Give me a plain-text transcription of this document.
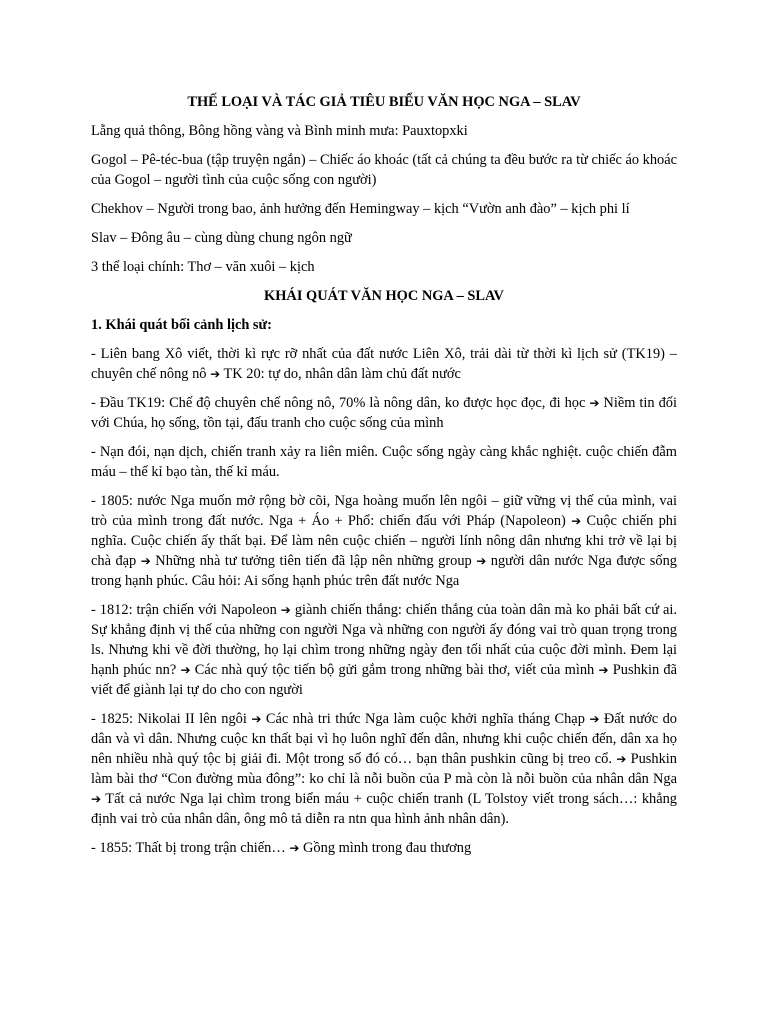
THẾ LOẠI VÀ TÁC GIẢ TIÊU BIỂU VĂN HỌC NGA – SLAV
Lẵng quả thông, Bông hồng vàng và Bình minh mưa: Pauxtopxki
Gogol – Pê-téc-bua (tập truyện ngắn) – Chiếc áo khoác (tất cả chúng ta đều bước ra từ chiếc áo khoác của Gogol – người tình của cuộc sống con người)
Chekhov – Người trong bao, ảnh hưởng đến Hemingway – kịch “Vườn anh đào” – kịch phi lí
Slav – Đông âu – cùng dùng chung ngôn ngữ
3 thể loại chính: Thơ – văn xuôi – kịch
KHÁI QUÁT VĂN HỌC NGA – SLAV
1. Khái quát bối cảnh lịch sử:
- Liên bang Xô viết, thời kì rực rỡ nhất của đất nước Liên Xô, trải dài từ thời kì lịch sử (TK19) – chuyên chế nông nô ➔ TK 20: tự do, nhân dân làm chủ đất nước
- Đầu TK19: Chế độ chuyên chế nông nô, 70% là nông dân, ko được học đọc, đi học ➔ Niềm tin đối với Chúa, họ sống, tồn tại, đấu tranh cho cuộc sống của mình
- Nạn đói, nạn dịch, chiến tranh xảy ra liên miên. Cuộc sống ngày càng khắc nghiệt. cuộc chiến đẫm máu – thế kỉ bạo tàn, thế kỉ máu.
- 1805: nước Nga muốn mở rộng bờ cõi, Nga hoàng muốn lên ngôi – giữ vững vị thế của mình, vai trò của mình trong đất nước. Nga + Áo + Phổ: chiến đấu với Pháp (Napoleon) ➔ Cuộc chiến phi nghĩa. Cuộc chiến ấy thất bại. Để làm nên cuộc chiến – người lính nông dân nhưng khi trở về lại bị chà đạp ➔ Những nhà tư tưởng tiên tiến đã lập nên những group ➔ người dân nước Nga được sống trong hạnh phúc. Câu hỏi: Ai sống hạnh phúc trên đất nước Nga
- 1812: trận chiến với Napoleon ➔ giành chiến thắng: chiến thắng của toàn dân mà ko phải bất cứ ai. Sự khẳng định vị thế của những con người Nga và những con người ấy đóng vai trò quan trọng trong ls. Nhưng khi về đời thường, họ lại chìm trong những ngày đen tối nhất của cuộc đời mình. Đem lại hạnh phúc nn? ➔ Các nhà quý tộc tiến bộ gửi gắm trong những bài thơ, viết của mình ➔ Pushkin đã viết để giành lại tự do cho con người
- 1825: Nikolai II lên ngôi ➔ Các nhà tri thức Nga làm cuộc khởi nghĩa tháng Chạp ➔ Đất nước do dân và vì dân. Nhưng cuộc kn thất bại vì họ luôn nghĩ đến dân, nhưng khi cuộc chiến đến, dân xa họ nên nhiều nhà quý tộc bị giải đi. Một trong số đó có… bạn thân pushkin cũng bị treo cổ. ➔ Pushkin làm bài thơ “Con đường mùa đông”: ko chỉ là nỗi buồn của P mà còn là nỗi buồn của nhân dân Nga ➔ Tất cả nước Nga lại chìm trong biển máu + cuộc chiến tranh (L Tolstoy viết trong sách…: khẳng định vai trò của nhân dân, ông mô tả diễn ra ntn qua hình ảnh nhân dân).
- 1855: Thất bị trong trận chiến… ➔ Gồng mình trong đau thương
